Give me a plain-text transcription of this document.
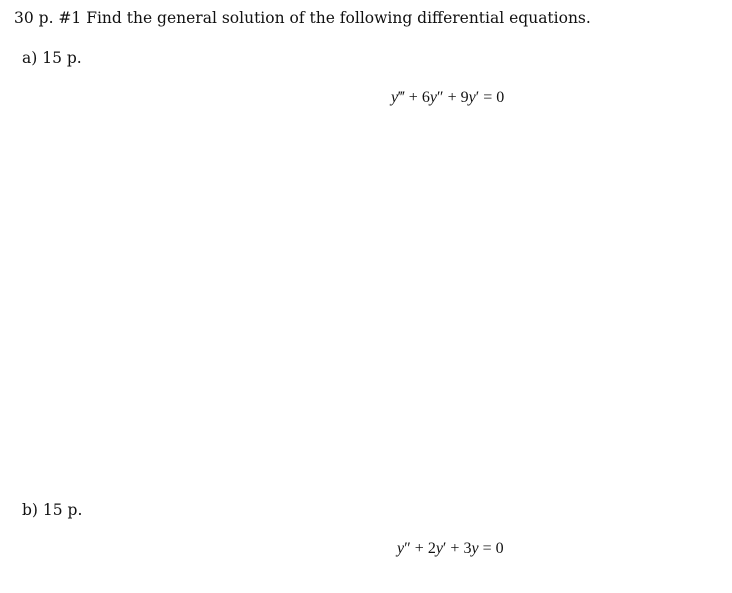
30 p. #1 Find the general solution of the following differential equations.
a) 15 p.
y‴ + 6y″ + 9y′ = 0
b) 15 p.
y″ + 2y′ + 3y = 0
